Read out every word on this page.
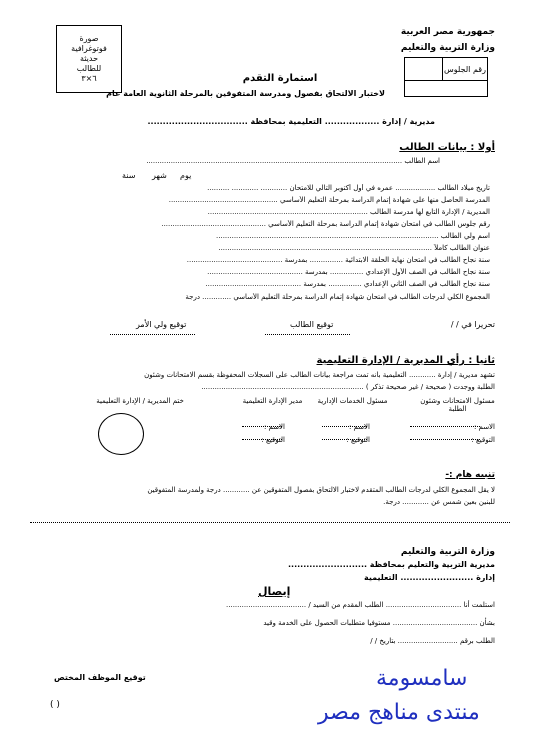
جمهورية مصر العربية
وزارة التربية والتعليم
صورة
فوتوغرافية
حديثة
للطالب
٦×٣
رقم الجلوس
استمارة التقدم
لاختبار الالتحاق بفصول ومدرسة المتفوقين بالمرحلة الثانوية العامة عام
مديرية / إدارة .................. التعليمية بمحافظة .................................
أولا : بيانات الطالب
اسم الطالب ...................................................................................................................
يوم
شهر
سنة
تاريخ ميلاد الطالب .................. عمره في أول أكتوبر التالي للامتحان ............ ............ ..........
المدرسة الحاصل منها على شهادة إتمام الدراسة بمرحلة التعليم الأساسي .................................................
المديرية / الإدارة التابع لها مدرسة الطالب ........................................................................
رقم جلوس الطالب في امتحان شهادة إتمام الدراسة بمرحلة التعليم الأساسي ...............................................
اسم ولي الطالب ....................................................................................................
عنوان الطالب كاملاً ................................................................................................
سنة نجاح الطالب في امتحان نهاية الحلقة الابتدائية ............... بمدرسة ...........................................
سنة نجاح الطالب في الصف الأول الإعدادي ............... بمدرسة ...........................................
سنة نجاح الطالب في الصف الثاني الإعدادي ............... بمدرسة ...........................................
المجموع الكلي لدرجات الطالب في امتحان شهادة إتمام الدراسة بمرحلة التعليم الأساسي ............. درجة
تحريرا في / /
توقيع الطالب
توقيع ولي الأمر
ثانيا : رأي المديرية / الإدارة التعليمية
تشهد مديرية / إدارة ............ التعليمية بأنه تمت مراجعة بيانات الطالب على السجلات المحفوظة بقسم الامتحانات وشئون
الطلبة ووجدت ( صحيحة / غير صحيحة تذكر ) .........................................................................
مسئول الامتحانات وشئون الطلبة
مسئول الخدمات الإدارية
مدير الإدارة التعليمية
ختم المديرية / الإدارة التعليمية
الاسم :
التوقيع :
الاسم :
التوقيع :
الاسم :
التوقيع :
تنبيه هام :-
لا يقل المجموع الكلي لدرجات الطالب المتقدم لاختبار الالتحاق بفصول المتفوقين عن ............ درجة ولمدرسة المتفوقين
للبنين بعين شمس عن ............ درجة.
وزارة التربية والتعليم
مديرية التربية والتعليم بمحافظة ..........................
إدارة ........................ التعليمية
إيصال
استلمت أنا .................................. الطلب المقدم من السيد / ....................................
بشأن ...................................... مستوفيا متطلبات الحصول على الخدمة وقيد
الطلب برقم ........................... بتاريخ / /
توقيع الموظف المختص
( )
سامسومة
منتدى مناهج مصر
